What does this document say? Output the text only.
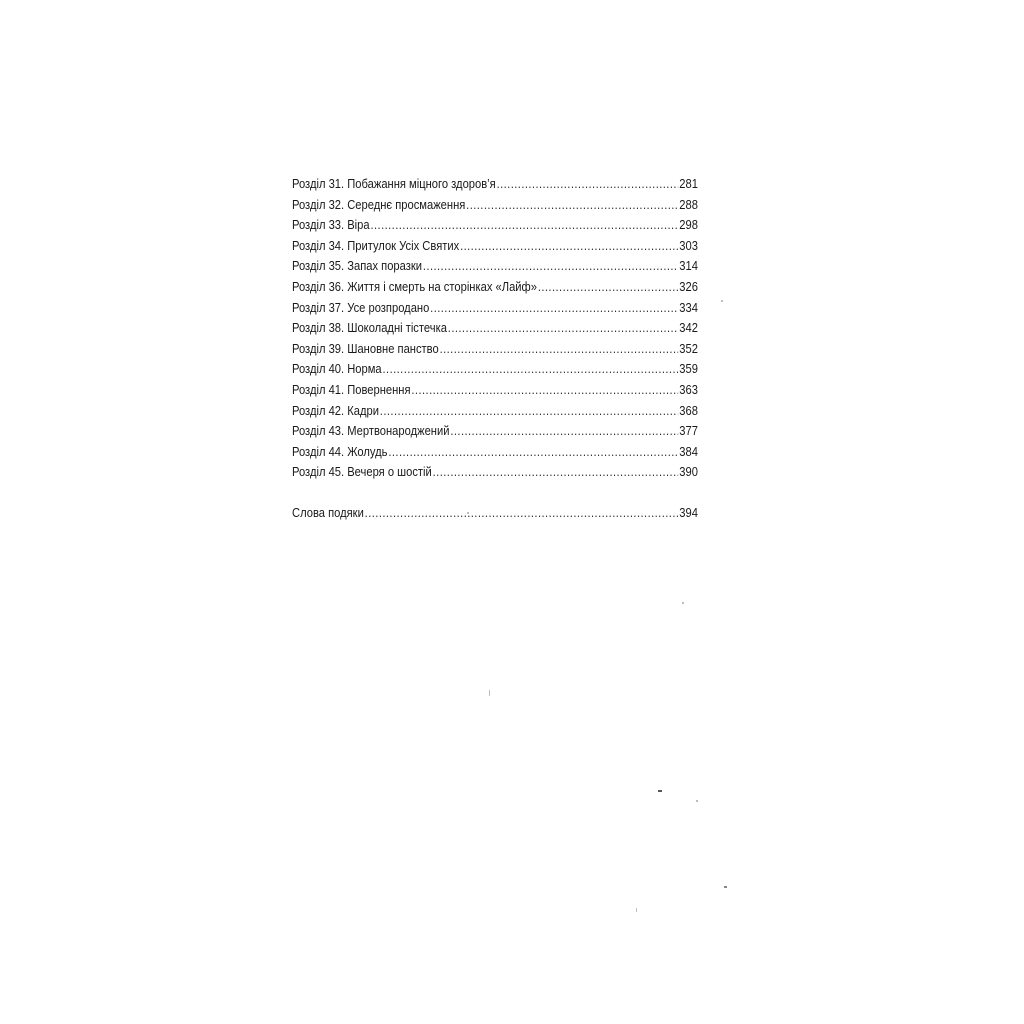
Розділ 31. Побажання міцного здоров’я .....	281
Розділ 32. Середнє просмаження .....	288
Розділ 33. Віра .....	298
Розділ 34. Притулок Усіх Святих .....	303
Розділ 35. Запах поразки .....	314
Розділ 36. Життя і смерть на сторінках «Лайф» .....	326
Розділ 37. Усе розпродано .....	334
Розділ 38. Шоколадні тістечка .....	342
Розділ 39. Шановне панство .....	352
Розділ 40. Норма .....	359
Розділ 41. Повернення .....	363
Розділ 42. Кадри .....	368
Розділ 43. Мертвонароджений .....	377
Розділ 44. Жолудь .....	384
Розділ 45. Вечеря о шостій .....	390
Слова подяки .....	394
